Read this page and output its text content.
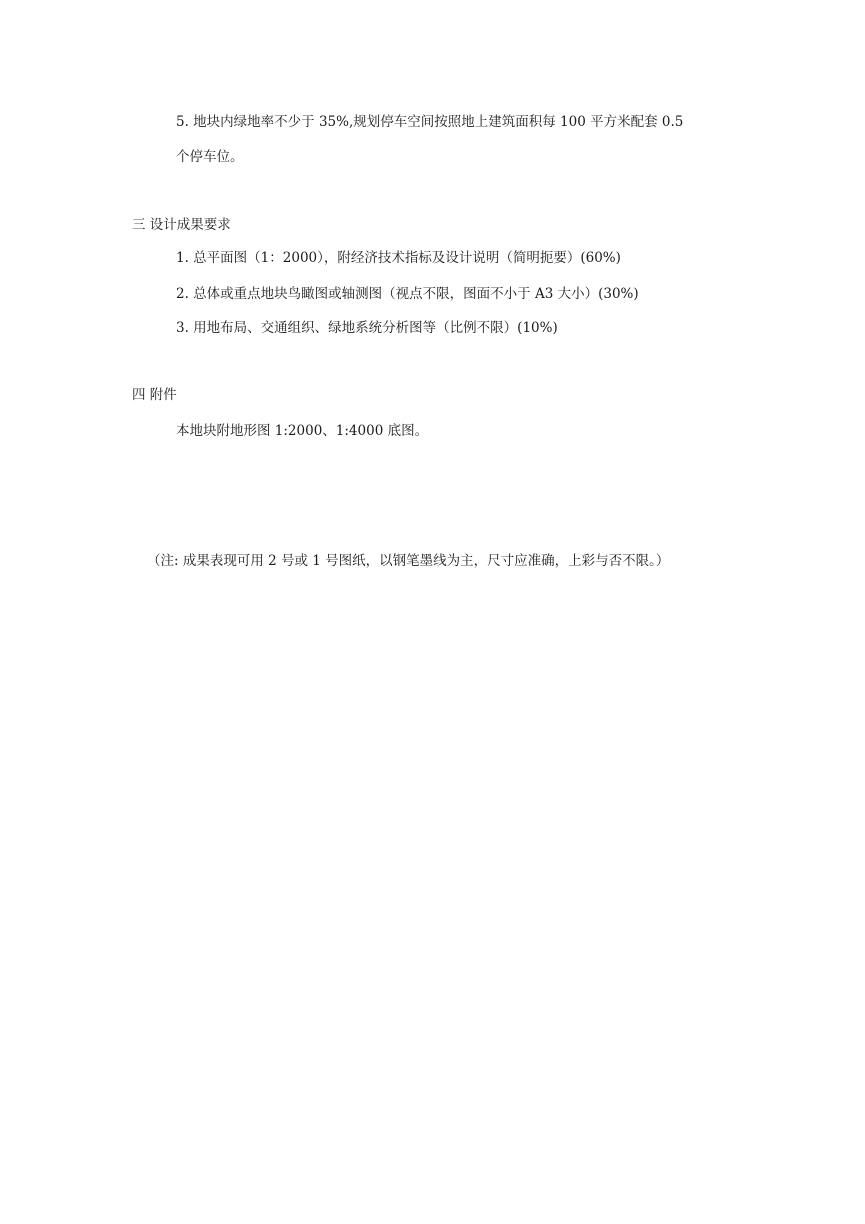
5. 地块内绿地率不少于 35%,规划停车空间按照地上建筑面积每 100 平方米配套 0.5
个停车位。
三 设计成果要求
1. 总平面图（1：2000），附经济技术指标及设计说明（简明扼要）(60%)
2. 总体或重点地块鸟瞰图或轴测图（视点不限，图面不小于 A3 大小）(30%)
3. 用地布局、交通组织、绿地系统分析图等（比例不限）(10%)
四 附件
本地块附地形图 1:2000、1:4000 底图。
（注: 成果表现可用 2 号或 1 号图纸，以钢笔墨线为主，尺寸应准确，上彩与否不限。）
